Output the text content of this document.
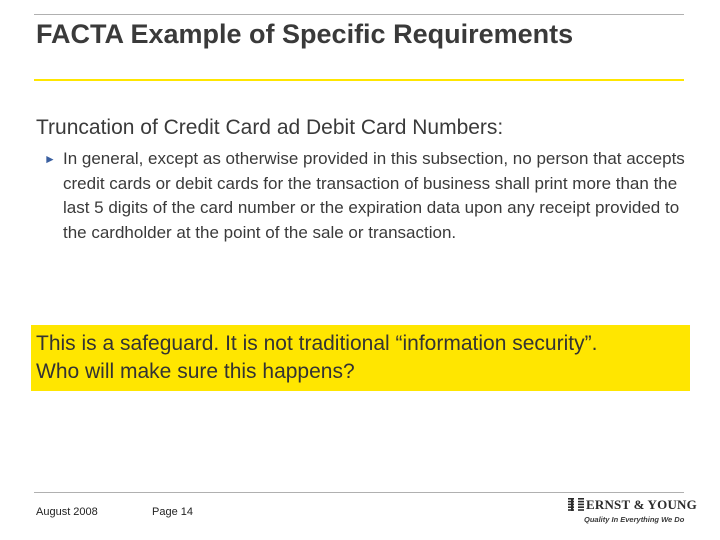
FACTA Example of Specific Requirements
Truncation of Credit Card ad Debit Card Numbers:
► In general, except as otherwise provided in this subsection, no person that accepts credit cards or debit cards for the transaction of business shall print more than the last 5 digits of the card number or the expiration data upon any receipt provided to the cardholder at the point of the sale or transaction.
This is a safeguard. It is not traditional “information security”.
Who will make sure this happens?
August 2008	Page 14	ERNST & YOUNG
Quality In Everything We Do
